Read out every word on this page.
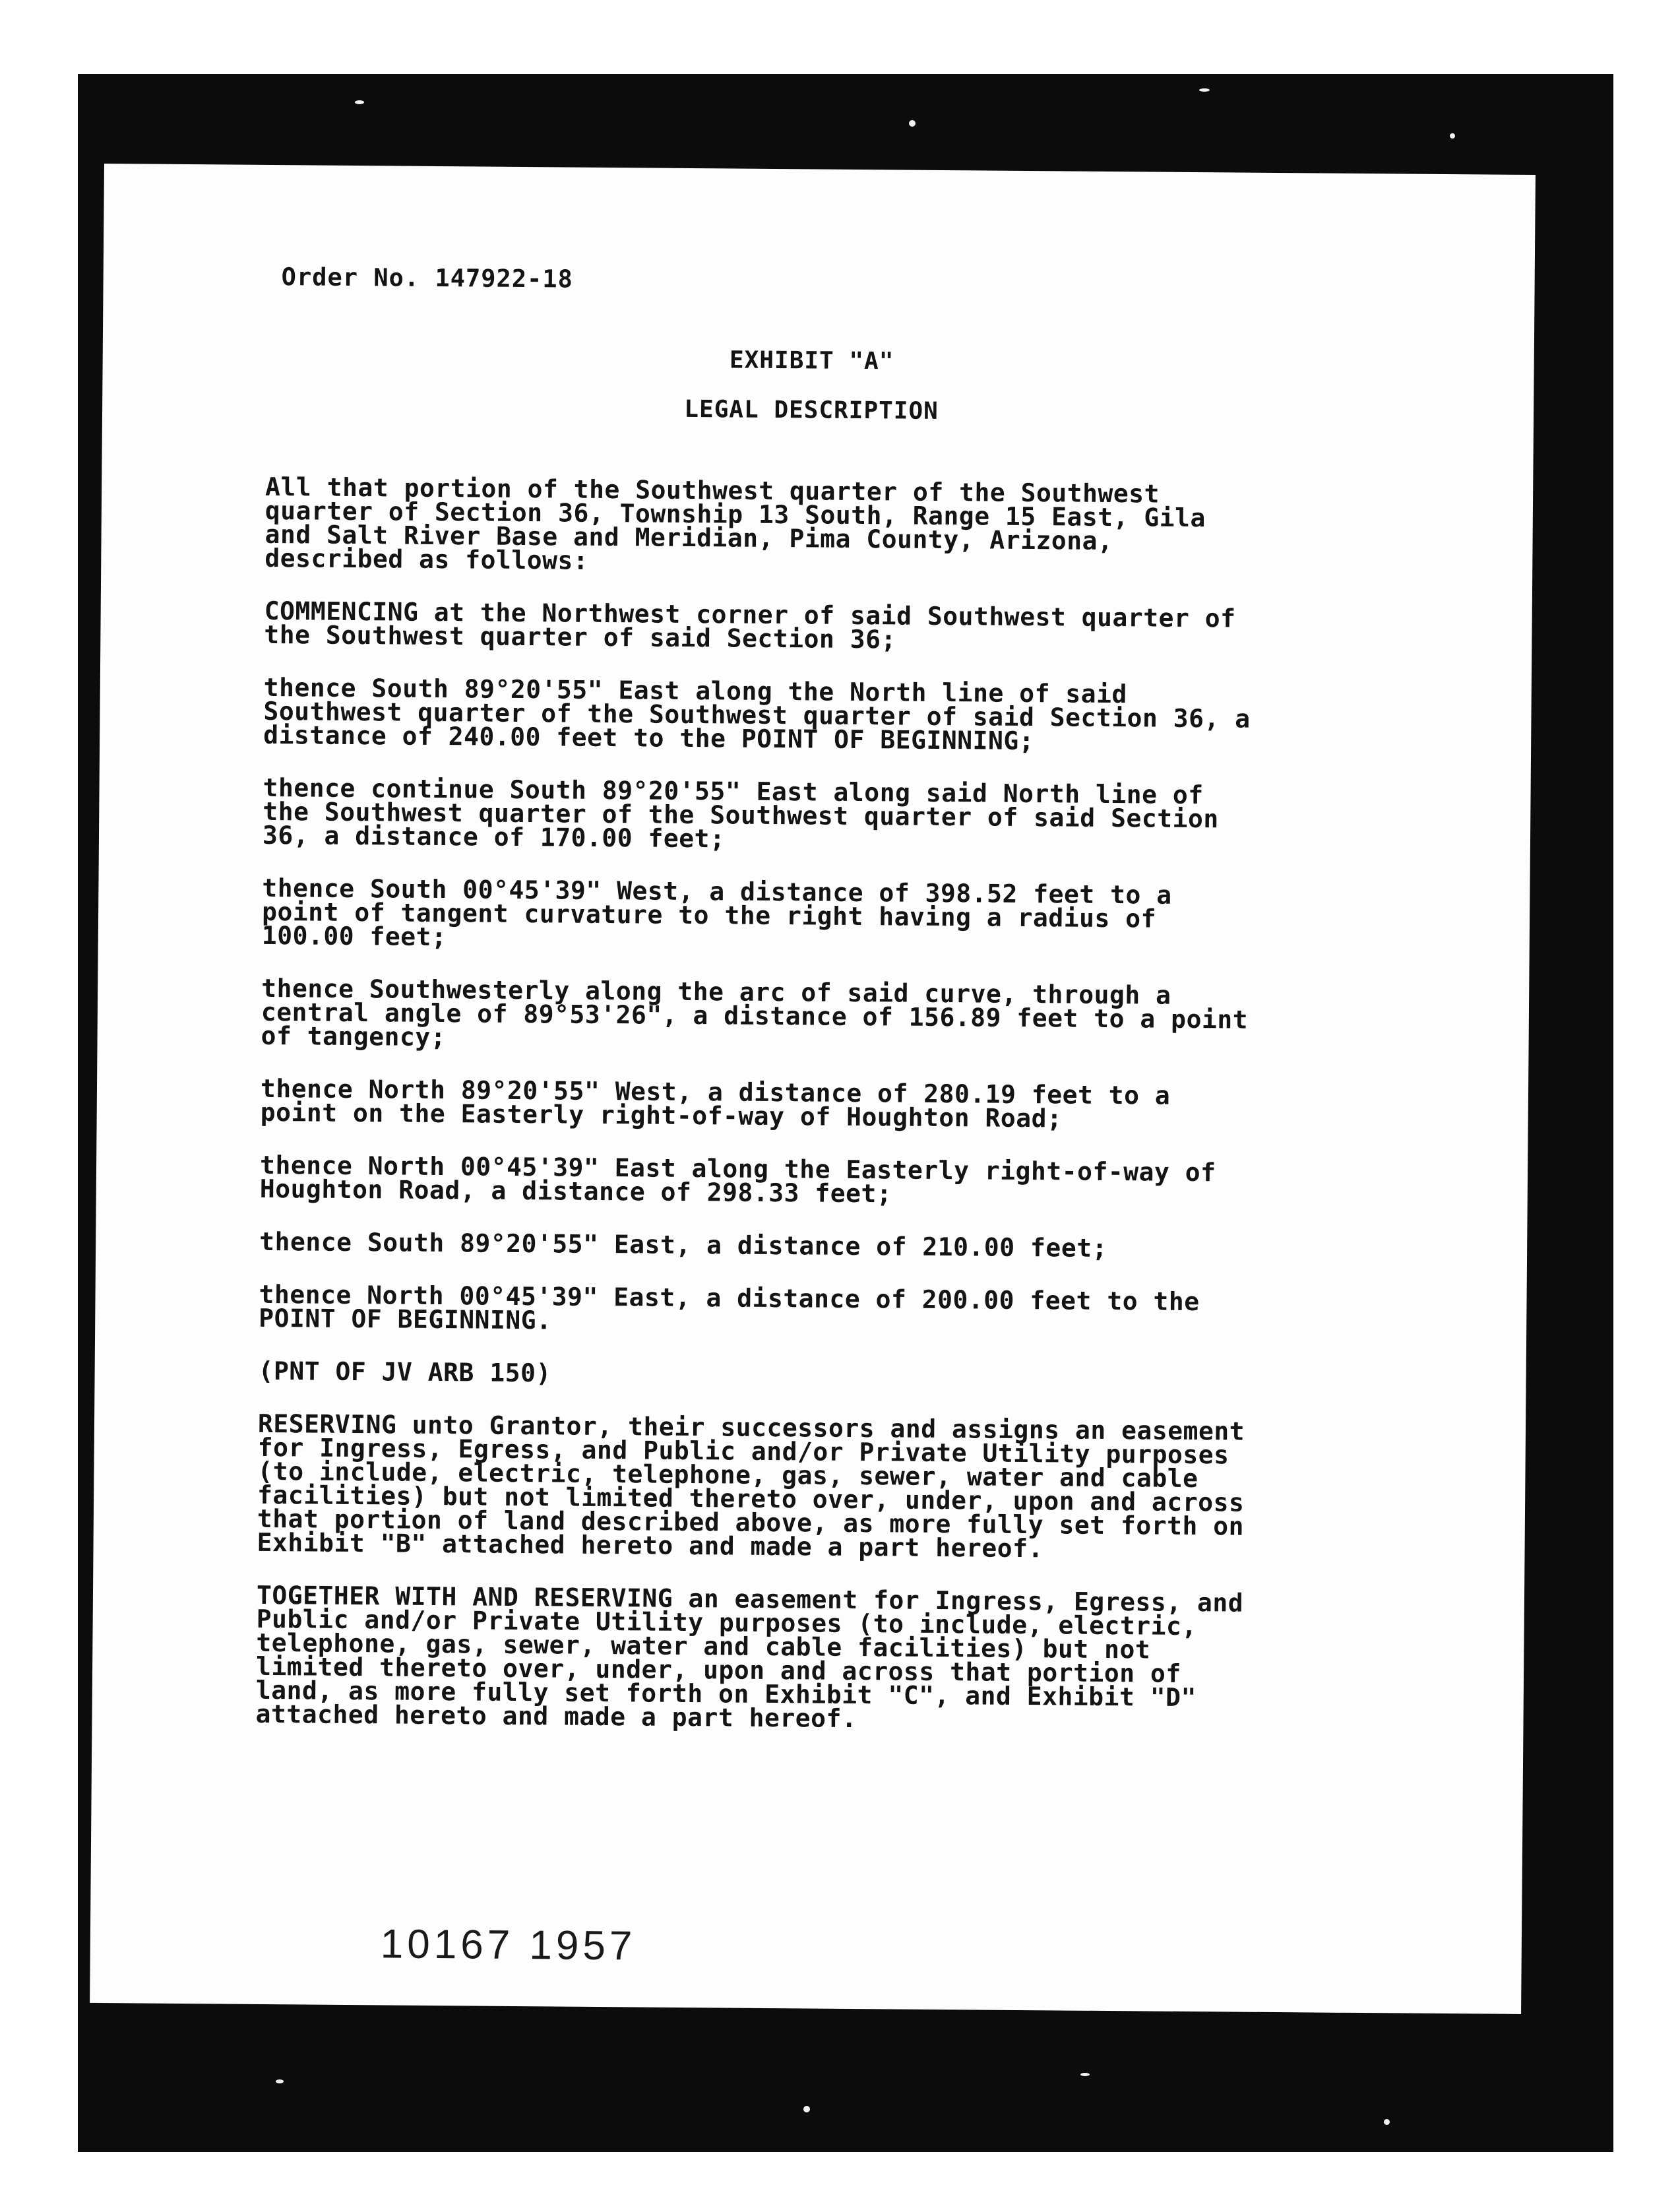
Order No. 147922-18
EXHIBIT "A"
LEGAL DESCRIPTION

All that portion of the Southwest quarter of the Southwest
quarter of Section 36, Township 13 South, Range 15 East, Gila
and Salt River Base and Meridian, Pima County, Arizona,
described as follows:

COMMENCING at the Northwest corner of said Southwest quarter of
the Southwest quarter of said Section 36;

thence South 89°20'55" East along the North line of said
Southwest quarter of the Southwest quarter of said Section 36, a
distance of 240.00 feet to the POINT OF BEGINNING;

thence continue South 89°20'55" East along said North line of
the Southwest quarter of the Southwest quarter of said Section
36, a distance of 170.00 feet;

thence South 00°45'39" West, a distance of 398.52 feet to a
point of tangent curvature to the right having a radius of
100.00 feet;

thence Southwesterly along the arc of said curve, through a
central angle of 89°53'26", a distance of 156.89 feet to a point
of tangency;

thence North 89°20'55" West, a distance of 280.19 feet to a
point on the Easterly right-of-way of Houghton Road;

thence North 00°45'39" East along the Easterly right-of-way of
Houghton Road, a distance of 298.33 feet;

thence South 89°20'55" East, a distance of 210.00 feet;

thence North 00°45'39" East, a distance of 200.00 feet to the
POINT OF BEGINNING.

(PNT OF JV ARB 150)

RESERVING unto Grantor, their successors and assigns an easement
for Ingress, Egress, and Public and/or Private Utility purposes
(to include, electric, telephone, gas, sewer, water and cable
facilities) but not limited thereto over, under, upon and across
that portion of land described above, as more fully set forth on
Exhibit "B" attached hereto and made a part hereof.

TOGETHER WITH AND RESERVING an easement for Ingress, Egress, and
Public and/or Private Utility purposes (to include, electric,
telephone, gas, sewer, water and cable facilities) but not
limited thereto over, under, upon and across that portion of
land, as more fully set forth on Exhibit "C", and Exhibit "D"
attached hereto and made a part hereof.

10167 1957
